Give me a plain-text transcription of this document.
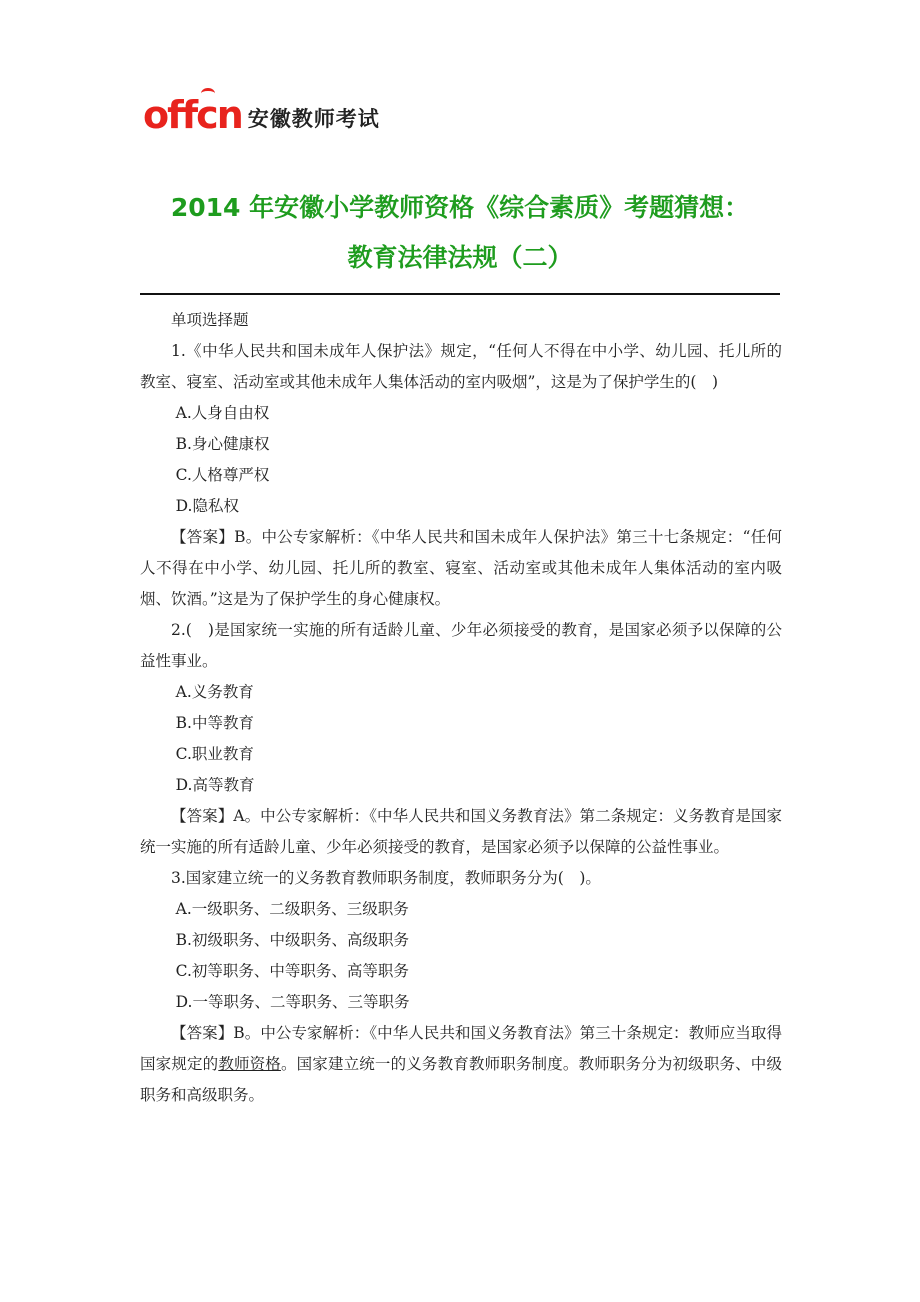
offcn 安徽教师考试
2014 年安徽小学教师资格《综合素质》考题猜想：
教育法律法规（二）

单项选择题

1.《中华人民共和国未成年人保护法》规定，“任何人不得在中小学、幼儿园、托儿所的教室、寝室、活动室或其他未成年人集体活动的室内吸烟”，这是为了保护学生的(　)

A.人身自由权

B.身心健康权

C.人格尊严权

D.隐私权

【答案】B。中公专家解析：《中华人民共和国未成年人保护法》第三十七条规定：“任何人不得在中小学、幼儿园、托儿所的教室、寝室、活动室或其他未成年人集体活动的室内吸烟、饮酒。”这是为了保护学生的身心健康权。

2.(　)是国家统一实施的所有适龄儿童、少年必须接受的教育，是国家必须予以保障的公益性事业。

A.义务教育

B.中等教育

C.职业教育

D.高等教育

【答案】A。中公专家解析：《中华人民共和国义务教育法》第二条规定：义务教育是国家统一实施的所有适龄儿童、少年必须接受的教育，是国家必须予以保障的公益性事业。

3.国家建立统一的义务教育教师职务制度，教师职务分为(　)。

A.一级职务、二级职务、三级职务

B.初级职务、中级职务、高级职务

C.初等职务、中等职务、高等职务

D.一等职务、二等职务、三等职务

【答案】B。中公专家解析：《中华人民共和国义务教育法》第三十条规定：教师应当取得国家规定的教师资格。国家建立统一的义务教育教师职务制度。教师职务分为初级职务、中级职务和高级职务。
